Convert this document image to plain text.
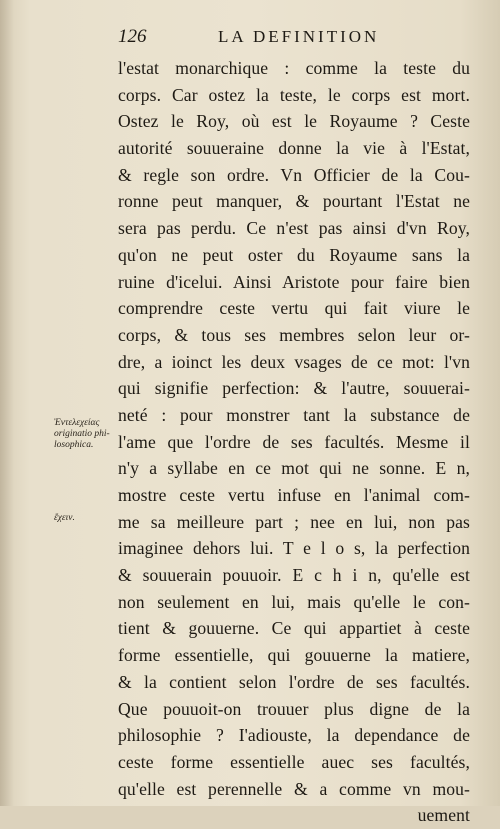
126	LA DEFINITION
Ἐντελεχείας
originatio phi-
losophica.
ἔχειν.
l'estat monarchique : comme la teste du
corps. Car ostez la teste, le corps est mort.
Ostez le Roy, où est le Royaume ? Ceste
autorité souueraine donne la vie à l'Estat,
& regle son ordre. Vn Officier de la Cou-
ronne peut manquer, & pourtant l'Estat ne
sera pas perdu. Ce n'est pas ainsi d'vn Roy,
qu'on ne peut oster du Royaume sans la
ruine d'icelui. Ainsi Aristote pour faire bien
comprendre ceste vertu qui fait viure le
corps, & tous ses membres selon leur or-
dre, a ioinct les deux vsages de ce mot: l'vn
qui signifie perfection: & l'autre, souuerai-
neté : pour monstrer tant la substance de
l'ame que l'ordre de ses facultés. Mesme il
n'y a syllabe en ce mot qui ne sonne. E n,
mostre ceste vertu infuse en l'animal com-
me sa meilleure part ; nee en lui, non pas
imaginee dehors lui. T e l o s, la perfection
& souuerain pouuoir. E c h i n, qu'elle est
non seulement en lui, mais qu'elle le con-
tient & gouuerne. Ce qui appartiet à ceste
forme essentielle, qui gouuerne la matiere,
& la contient selon l'ordre de ses facultés.
Que pouuoit-on trouuer plus digne de la
philosophie ? I'adiouste, la dependance de
ceste forme essentielle auec ses facultés,
qu'elle est perennelle & a comme vn mou-
uement
